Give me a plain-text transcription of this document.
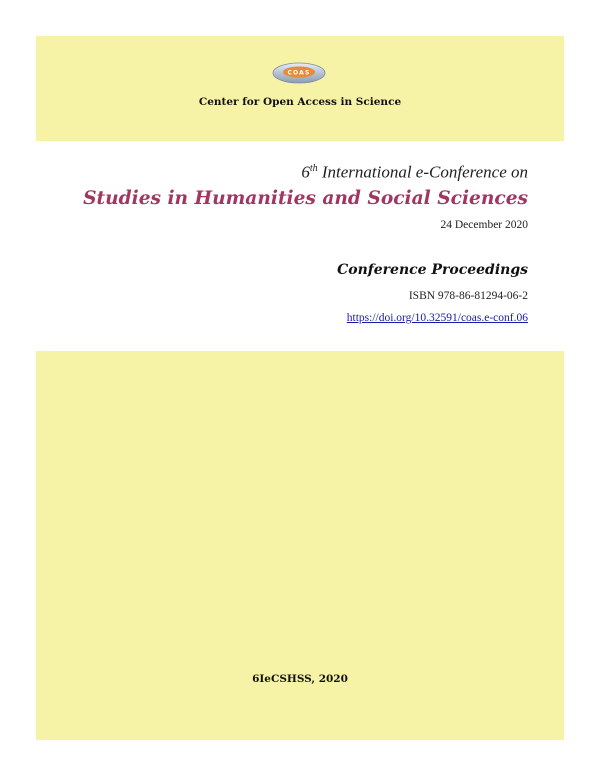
COAS
Center for Open Access in Science
6th International e-Conference on
Studies in Humanities and Social Sciences
24 December 2020
Conference Proceedings
ISBN 978-86-81294-06-2
https://doi.org/10.32591/coas.e-conf.06
6IeCSHSS, 2020
